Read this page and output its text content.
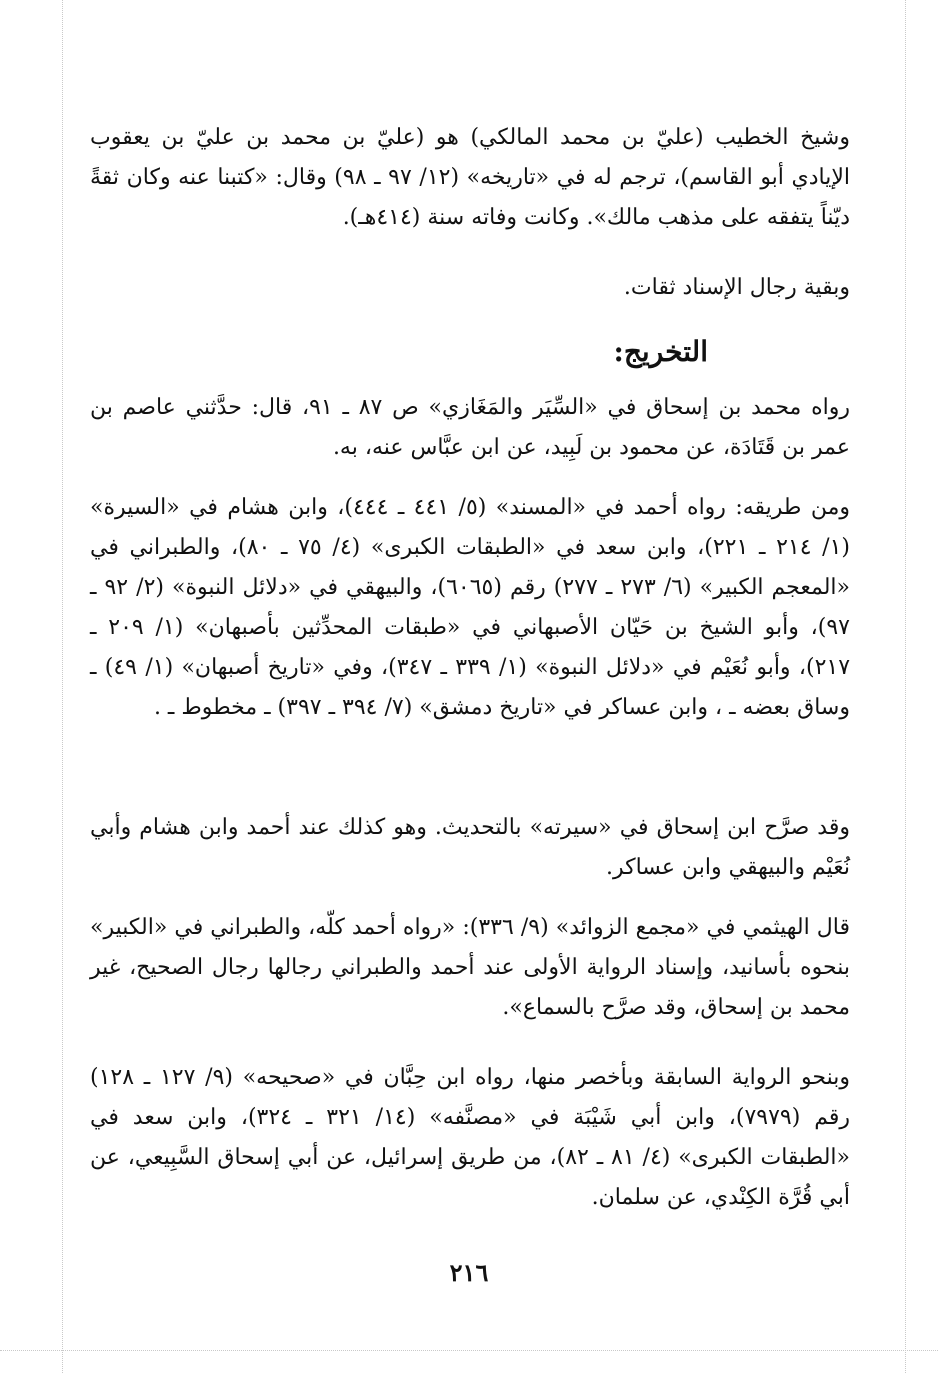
وشيخ الخطيب (عليّ بن محمد المالكي) هو (عليّ بن محمد بن عليّ بن يعقوب الإيادي أبو القاسم)، ترجم له في «تاريخه» (١٢/ ٩٧ ـ ٩٨) وقال: «كتبنا عنه وكان ثقةً ديّناً يتفقه على مذهب مالك». وكانت وفاته سنة (٤١٤هـ).

وبقية رجال الإسناد ثقات.

التخريج:

رواه محمد بن إسحاق في «السِّيَر والمَغَازي» ص ٨٧ ـ ٩١، قال: حدَّثني عاصم بن عمر بن قَتَادَة، عن محمود بن لَبِيد، عن ابن عبَّاس عنه، به.

ومن طريقه: رواه أحمد في «المسند» (٥/ ٤٤١ ـ ٤٤٤)، وابن هشام في «السيرة» (١/ ٢١٤ ـ ٢٢١)، وابن سعد في «الطبقات الكبرى» (٤/ ٧٥ ـ ٨٠)، والطبراني في «المعجم الكبير» (٦/ ٢٧٣ ـ ٢٧٧) رقم (٦٠٦٥)، والبيهقي في «دلائل النبوة» (٢/ ٩٢ ـ ٩٧)، وأبو الشيخ بن حَيّان الأصبهاني في «طبقات المحدِّثين بأصبهان» (١/ ٢٠٩ ـ ٢١٧)، وأبو نُعَيْم في «دلائل النبوة» (١/ ٣٣٩ ـ ٣٤٧)، وفي «تاريخ أصبهان» (١/ ٤٩) ـ وساق بعضه ـ ، وابن عساكر في «تاريخ دمشق» (٧/ ٣٩٤ ـ ٣٩٧) ـ مخطوط ـ .

وقد صرَّح ابن إسحاق في «سيرته» بالتحديث. وهو كذلك عند أحمد وابن هشام وأبي نُعَيْم والبيهقي وابن عساكر.

قال الهيثمي في «مجمع الزوائد» (٩/ ٣٣٦): «رواه أحمد كلّه، والطبراني في «الكبير» بنحوه بأسانيد، وإسناد الرواية الأولى عند أحمد والطبراني رجالها رجال الصحيح، غير محمد بن إسحاق، وقد صرَّح بالسماع».

وبنحو الرواية السابقة وبأخصر منها، رواه ابن حِبَّان في «صحيحه» (٩/ ١٢٧ ـ ١٢٨) رقم (٧٩٧٩)، وابن أبي شَيْبَة في «مصنَّفه» (١٤/ ٣٢١ ـ ٣٢٤)، وابن سعد في «الطبقات الكبرى» (٤/ ٨١ ـ ٨٢)، من طريق إسرائيل، عن أبي إسحاق السَّبِيعي، عن أبي قُرَّة الكِنْدي، عن سلمان.

٢١٦
